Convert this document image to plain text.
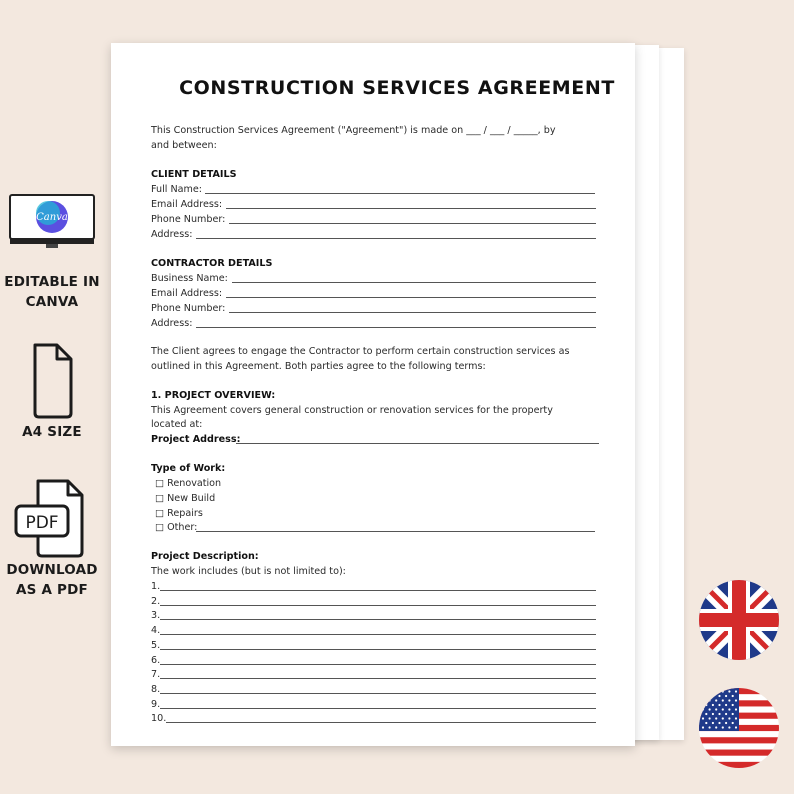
Canva
EDITABLE IN
CANVA
A4 SIZE
PDF
DOWNLOAD
AS A PDF
CONSTRUCTION SERVICES AGREEMENT
This Construction Services Agreement ("Agreement") is made on ___ / ___ / _____, by
and between:
CLIENT DETAILS
Full Name:
Email Address:
Phone Number:
Address:
CONTRACTOR DETAILS
Business Name:
Email Address:
Phone Number:
Address:
The Client agrees to engage the Contractor to perform certain construction services as
outlined in this Agreement. Both parties agree to the following terms:
1. PROJECT OVERVIEW:
This Agreement covers general construction or renovation services for the property
located at:
Project Address:
Type of Work:
□ Renovation
□ New Build
□ Repairs
□ Other:
Project Description:
The work includes (but is not limited to):
1.
2.
3.
4.
5.
6.
7.
8.
9.
10.
